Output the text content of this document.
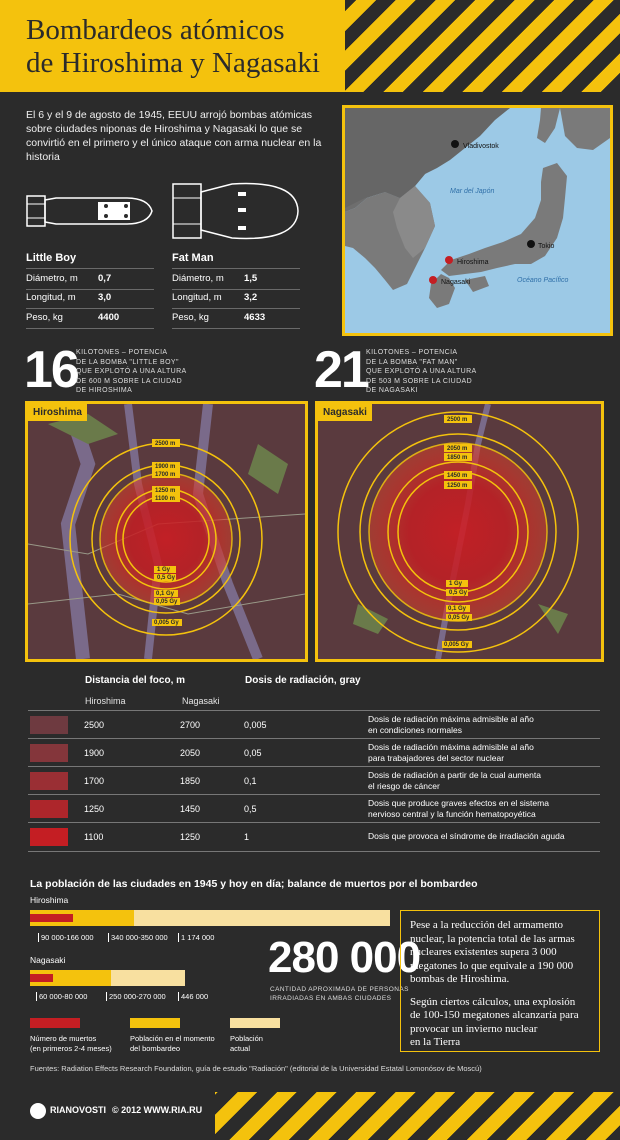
Bombardeos atómicos
de Hiroshima y Nagasaki
El 6 y el 9 de agosto de 1945, EEUU arrojó bombas atómicas sobre ciudades niponas de Hiroshima y Nagasaki lo que se convirtió en el primero y el único ataque con arma nuclear en la historia
Little Boy
Diámetro, m 0,7
Longitud, m 3,0
Peso, kg	4400
Fat Man
Diámetro, m 1,5
Longitud, m 3,2
Peso, kg	4633
Vladivostok
Mar del Japón
Tokio
Hiroshima
Nagasaki	Océano Pacífico
16
KILOTONES – POTENCIA
DE LA BOMBA "LITTLE BOY"
QUE EXPLOTÓ A UNA ALTURA
DE 600 M SOBRE LA CIUDAD
DE HIROSHIMA	21
KILOTONES – POTENCIA
DE LA BOMBA "FAT MAN"
QUE EXPLOTÓ A UNA ALTURA
DE 503 M SOBRE LA CIUDAD
DE NAGASAKI
2500 m
1900 m
1700 m
1250 m
1100 m
1 Gy
0,5 Gy
0,1 Gy
0,05 Gy
0,005 Gy
Hiroshima
2500 m
2050 m
1850 m
1450 m
1250 m
1 Gy
0,5 Gy
0,1 Gy
0,05 Gy
0,005 Gy
Nagasaki
Distancia del foco, m	Dosis de radiación, gray
Hiroshima	Nagasaki
2500	2700	0,005
Dosis de radiación máxima admisible al año
en condiciones normales
1900	2050	0,05
Dosis de radiación máxima admisible al año
para trabajadores del sector nuclear
1700	1850	0,1
Dosis de radiación a partir de la cual aumenta
el riesgo de cáncer
1250	1450	0,5
Dosis que produce graves efectos en el sistema
nervioso central y la función hematopoyética
1100	1250	1	Dosis que provoca el síndrome de irradiación aguda
La población de las ciudades en 1945 y hoy en día; balance de muertos por el bombardeo
Hiroshima
90 000-166 000	340 000-350 000	1 174 000
Nagasaki
60 000-80 000	250 000-270 000	446 000
280 000
CANTIDAD APROXIMADA DE PERSONAS
IRRADIADAS EN AMBAS CIUDADES
Número de muertos
(en primeros 2-4 meses)
Población en el momento
del bombardeo
Población
actual
Pese a la reducción del armamento
nuclear, la potencia total de las armas
nucleares existentes supera 3 000
megatones lo que equivale a 190 000
bombas de Hiroshima.
Según ciertos cálculos, una explosión
de 100-150 megatones alcanzaría para
provocar un invierno nuclear
en la Tierra
Fuentes: Radiation Effects Research Foundation, guía de estudio "Radiación" (editorial de la Universidad Estatal Lomonósov de Moscú)
RIANOVOSTI © 2012 WWW.RIA.RU
